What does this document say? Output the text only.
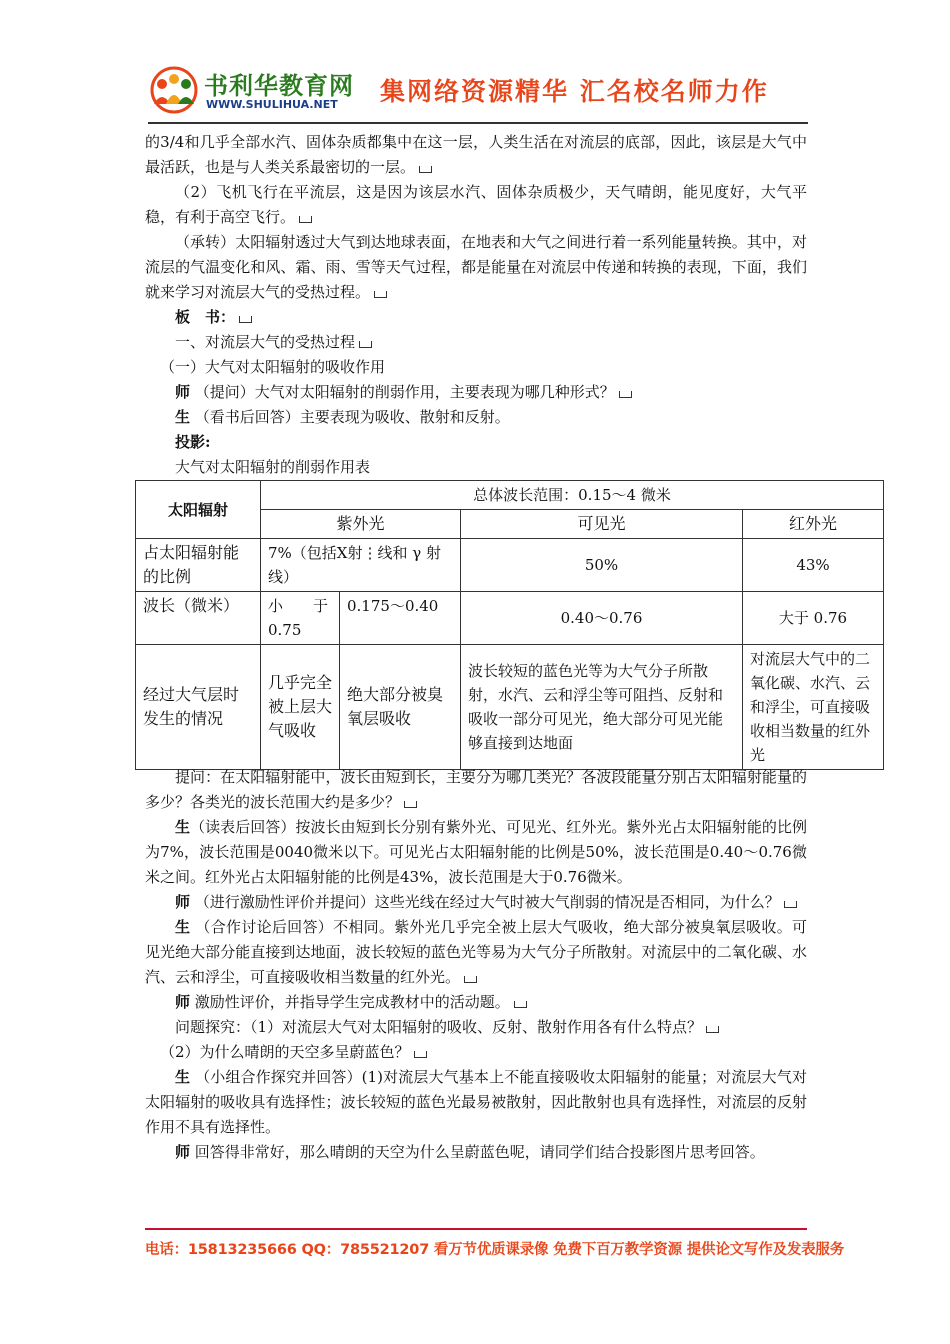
书利华教育网
WWW.SHULIHUA.NET 集网络资源精华 汇名校名师力作

的3/4和几乎全部水汽、固体杂质都集中在这一层，人类生活在对流层的底部，因此，该层是大气中最活跃，也是与人类关系最密切的一层。

（2）飞机飞行在平流层，这是因为该层水汽、固体杂质极少，天气晴朗，能见度好，大气平稳，有利于高空飞行。

（承转）太阳辐射透过大气到达地球表面，在地表和大气之间进行着一系列能量转换。其中，对流层的气温变化和风、霜、雨、雪等天气过程，都是能量在对流层中传递和转换的表现，下面，我们就来学习对流层大气的受热过程。

板　书：

一、对流层大气的受热过程

（一）大气对太阳辐射的吸收作用

师 （提问）大气对太阳辐射的削弱作用，主要表现为哪几种形式？

生 （看书后回答）主要表现为吸收、散射和反射。

投影:

大气对太阳辐射的削弱作用表

太阳辐射	总体波长范围：0.15～4 微米			
	紫外光		可见光	红外光
占太阳辐射能的比例	7%（包括Ⅹ射⋮线和 γ 射线）		50%	43%
波长（微米）	小　　于 0.75	0.175～0.40	0.40～0.76	大于 0.76
经过大气层时发生的情况	几乎完全被上层大气吸收	绝大部分被臭氧层吸收	波长较短的蓝色光等为大气分子所散射，水汽、云和浮尘等可阻挡、反射和吸收一部分可见光，绝大部分可见光能够直接到达地面	对流层大气中的二氧化碳、水汽、云和浮尘，可直接吸收相当数量的红外光

提问：在太阳辐射能中，波长由短到长，主要分为哪几类光？各波段能量分别占太阳辐射能量的多少？各类光的波长范围大约是多少？

生（读表后回答）按波长由短到长分别有紫外光、可见光、红外光。紫外光占太阳辐射能的比例为7%，波长范围是0040微米以下。可见光占太阳辐射能的比例是50%，波长范围是0.40～0.76微米之间。红外光占太阳辐射能的比例是43%，波长范围是大于0.76微米。

师 （进行激励性评价并提问）这些光线在经过大气时被大气削弱的情况是否相同，为什么？

生 （合作讨论后回答）不相同。紫外光几乎完全被上层大气吸收，绝大部分被臭氧层吸收。可见光绝大部分能直接到达地面，波长较短的蓝色光等易为大气分子所散射。对流层中的二氧化碳、水汽、云和浮尘，可直接吸收相当数量的红外光。

师 激励性评价，并指导学生完成教材中的活动题。

问题探究：（1）对流层大气对太阳辐射的吸收、反射、散射作用各有什么特点？

（2）为什么晴朗的天空多呈蔚蓝色？

生 （小组合作探究并回答）(1)对流层大气基本上不能直接吸收太阳辐射的能量；对流层大气对太阳辐射的吸收具有选择性；波长较短的蓝色光最易被散射，因此散射也具有选择性，对流层的反射作用不具有选择性。

师 回答得非常好，那么晴朗的天空为什么呈蔚蓝色呢，请同学们结合投影图片思考回答。

电话：15813235666 QQ：785521207 看万节优质课录像 免费下百万教学资源 提供论文写作及发表服务
